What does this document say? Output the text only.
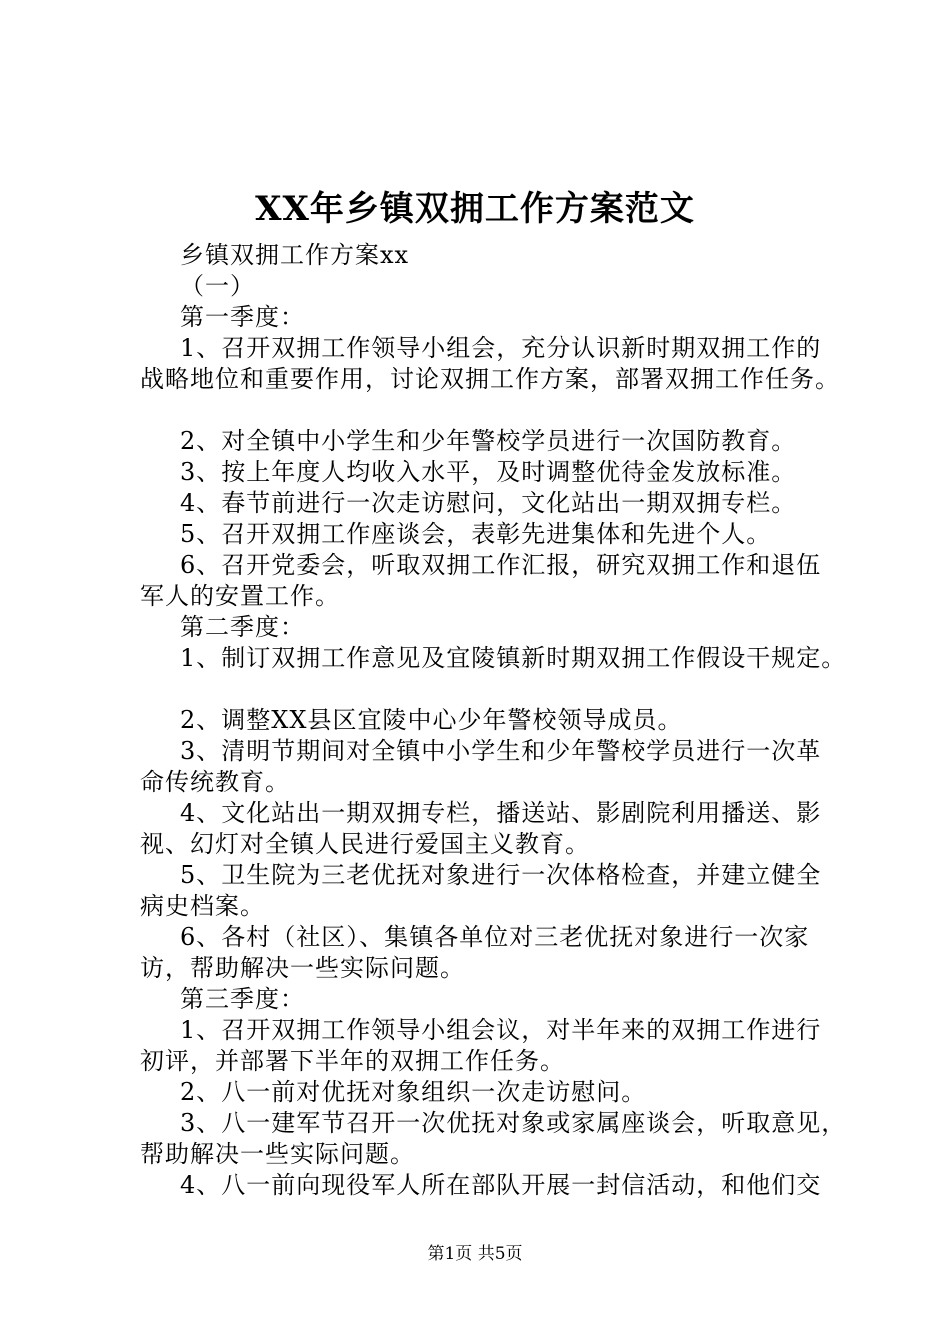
XX年乡镇双拥工作方案范文
乡镇双拥工作方案xx
（一）
第一季度：
1、召开双拥工作领导小组会，充分认识新时期双拥工作的
战略地位和重要作用，讨论双拥工作方案，部署双拥工作任务。
2、对全镇中小学生和少年警校学员进行一次国防教育。
3、按上年度人均收入水平，及时调整优待金发放标准。
4、春节前进行一次走访慰问，文化站出一期双拥专栏。
5、召开双拥工作座谈会，表彰先进集体和先进个人。
6、召开党委会，听取双拥工作汇报，研究双拥工作和退伍
军人的安置工作。
第二季度：
1、制订双拥工作意见及宜陵镇新时期双拥工作假设干规定。
2、调整XX县区宜陵中心少年警校领导成员。
3、清明节期间对全镇中小学生和少年警校学员进行一次革
命传统教育。
4、文化站出一期双拥专栏，播送站、影剧院利用播送、影
视、幻灯对全镇人民进行爱国主义教育。
5、卫生院为三老优抚对象进行一次体格检查，并建立健全
病史档案。
6、各村（社区）、集镇各单位对三老优抚对象进行一次家
访，帮助解决一些实际问题。
第三季度：
1、召开双拥工作领导小组会议，对半年来的双拥工作进行
初评，并部署下半年的双拥工作任务。
2、八一前对优抚对象组织一次走访慰问。
3、八一建军节召开一次优抚对象或家属座谈会，听取意见，
帮助解决一些实际问题。
4、八一前向现役军人所在部队开展一封信活动，和他们交
第1页 共5页
